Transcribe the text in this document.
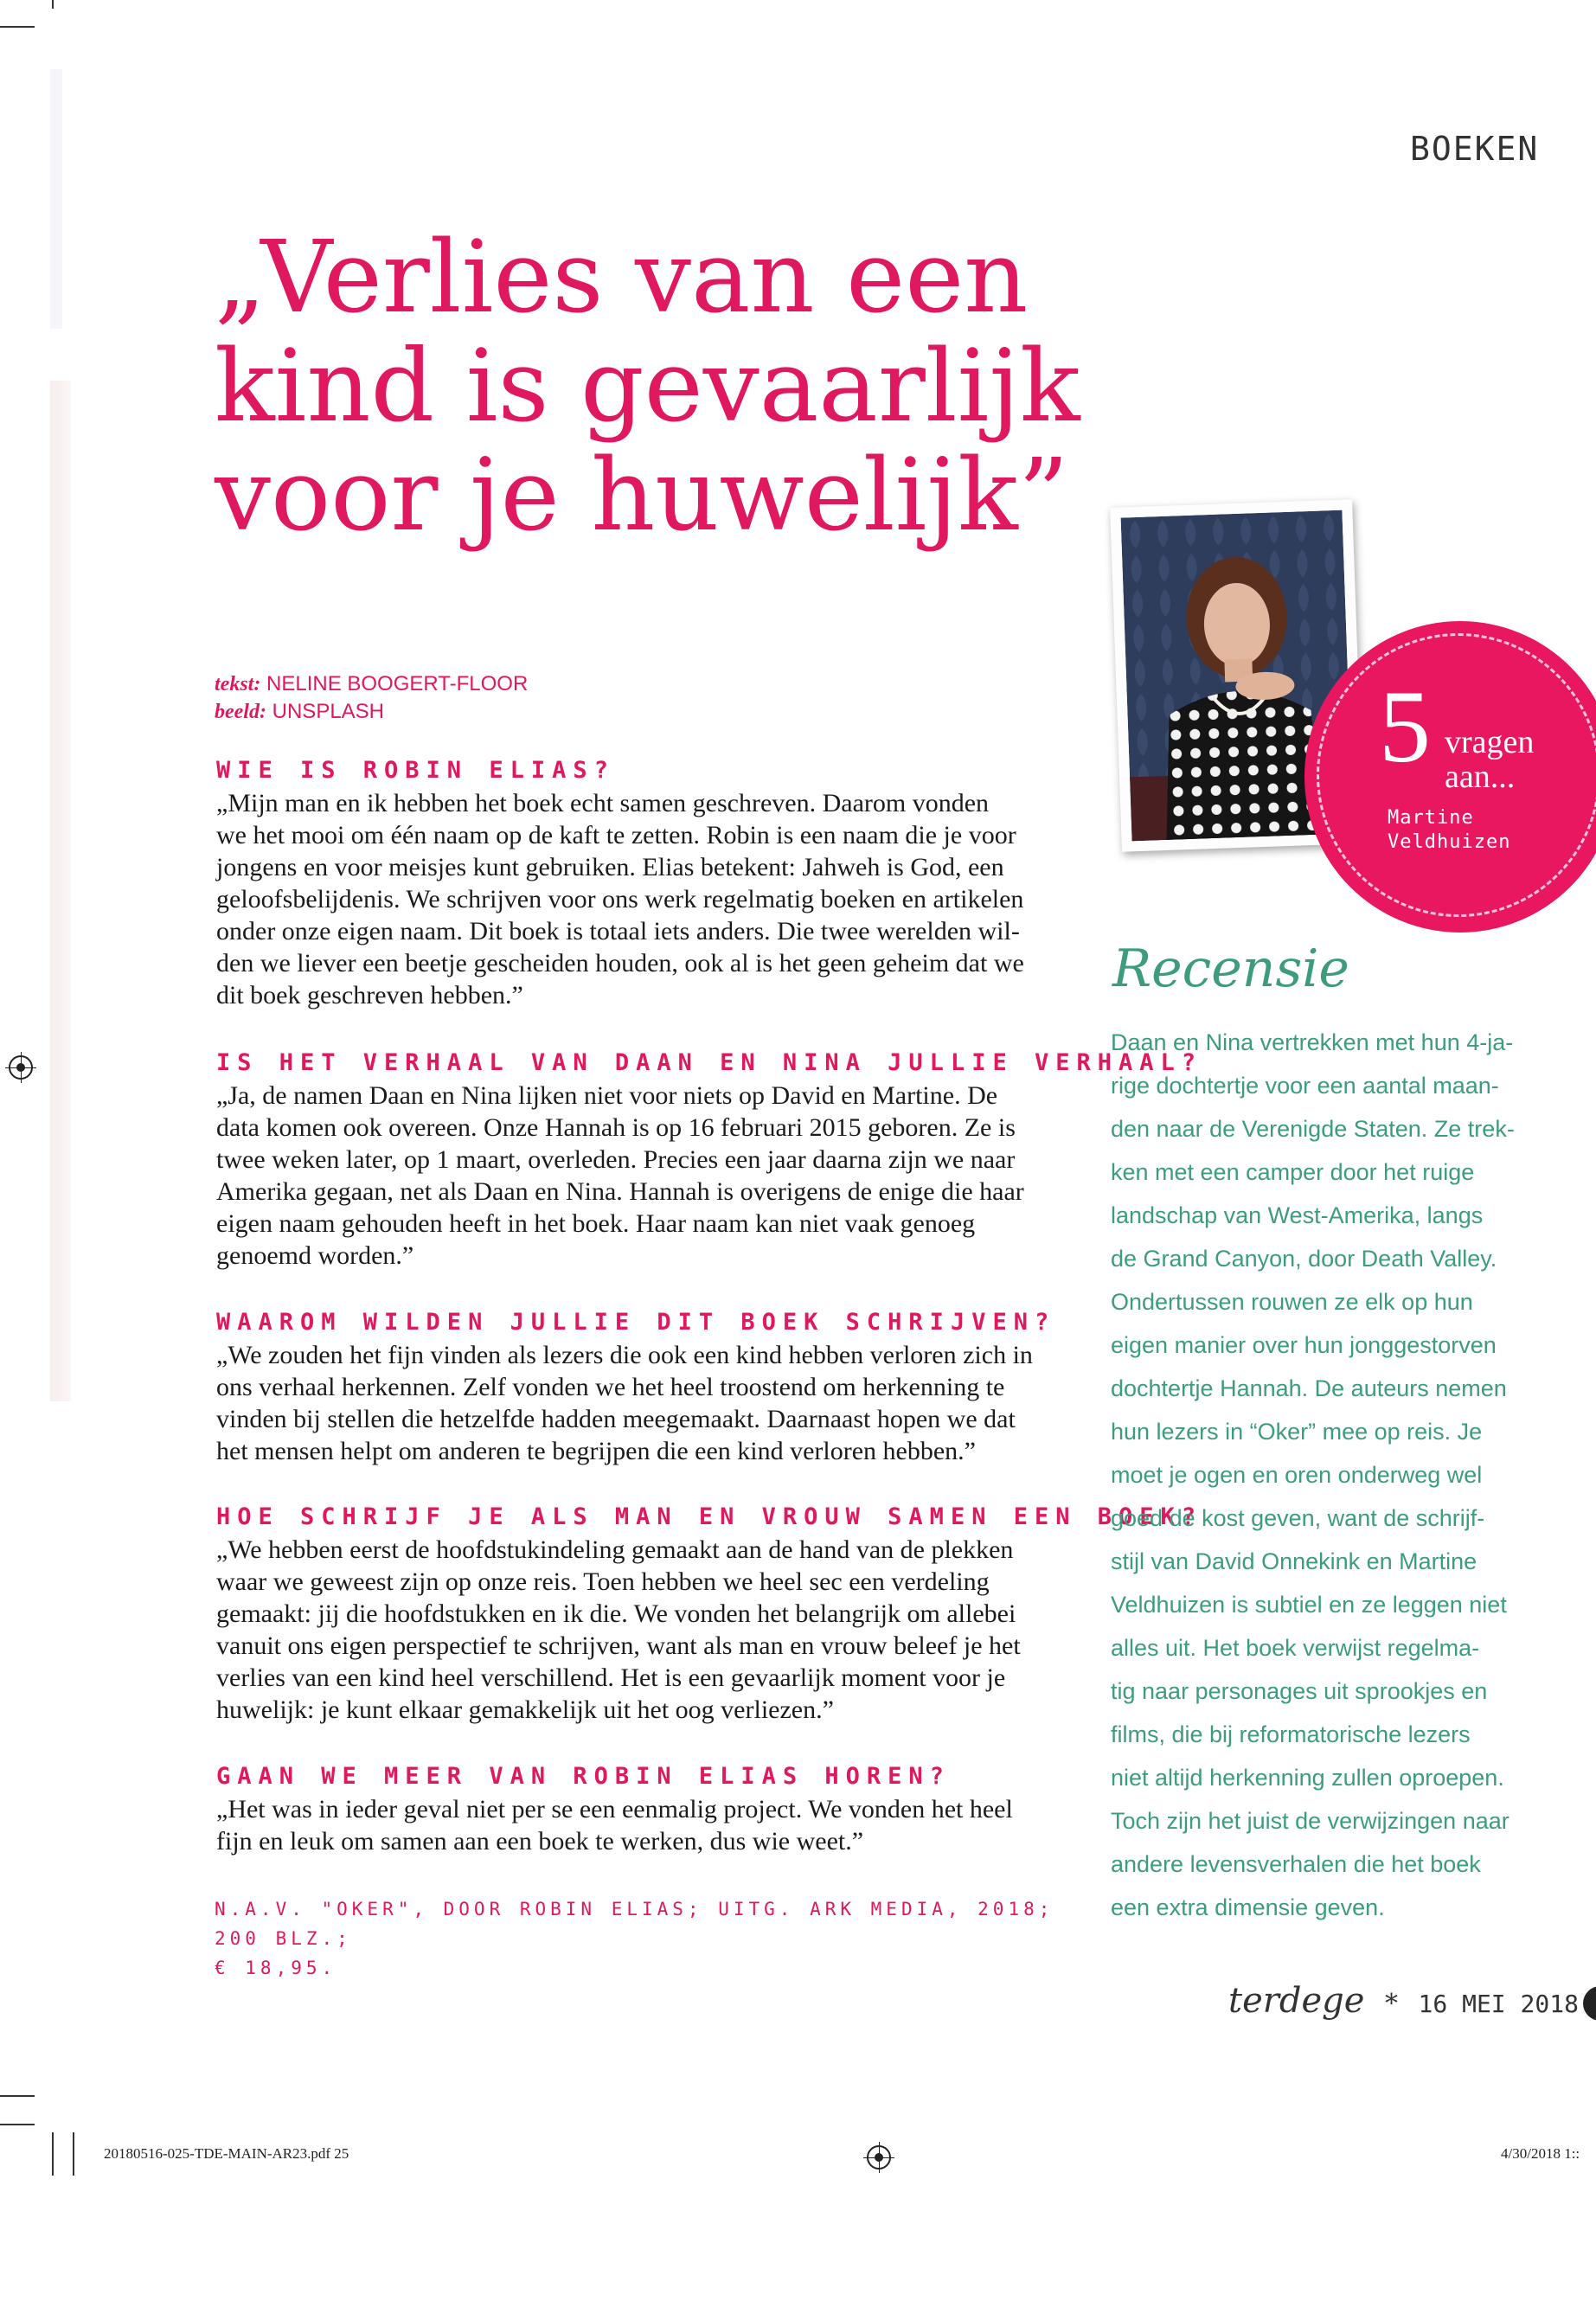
BOEKEN
„Verlies van een
kind is gevaarlijk
voor je huwelijk”
tekst: NELINE BOOGERT-FLOOR
beeld: UNSPLASH
WIE IS ROBIN ELIAS?
„Mijn man en ik hebben het boek echt samen geschreven. Daarom vonden
we het mooi om één naam op de kaft te zetten. Robin is een naam die je voor
jongens en voor meisjes kunt gebruiken. Elias betekent: Jahweh is God, een
geloofsbelijdenis. We schrijven voor ons werk regelmatig boeken en artikelen
onder onze eigen naam. Dit boek is totaal iets anders. Die twee werelden wil-
den we liever een beetje gescheiden houden, ook al is het geen geheim dat we
dit boek geschreven hebben.”
IS HET VERHAAL VAN DAAN EN NINA JULLIE VERHAAL?
„Ja, de namen Daan en Nina lijken niet voor niets op David en Martine. De
data komen ook overeen. Onze Hannah is op 16 februari 2015 geboren. Ze is
twee weken later, op 1 maart, overleden. Precies een jaar daarna zijn we naar
Amerika gegaan, net als Daan en Nina. Hannah is overigens de enige die haar
eigen naam gehouden heeft in het boek. Haar naam kan niet vaak genoeg
genoemd worden.”
WAAROM WILDEN JULLIE DIT BOEK SCHRIJVEN?
„We zouden het fijn vinden als lezers die ook een kind hebben verloren zich in
ons verhaal herkennen. Zelf vonden we het heel troostend om herkenning te
vinden bij stellen die hetzelfde hadden meegemaakt. Daarnaast hopen we dat
het mensen helpt om anderen te begrijpen die een kind verloren hebben.”
HOE SCHRIJF JE ALS MAN EN VROUW SAMEN EEN BOEK?
„We hebben eerst de hoofdstukindeling gemaakt aan de hand van de plekken
waar we geweest zijn op onze reis. Toen hebben we heel sec een verdeling
gemaakt: jij die hoofdstukken en ik die. We vonden het belangrijk om allebei
vanuit ons eigen perspectief te schrijven, want als man en vrouw beleef je het
verlies van een kind heel verschillend. Het is een gevaarlijk moment voor je
huwelijk: je kunt elkaar gemakkelijk uit het oog verliezen.”
GAAN WE MEER VAN ROBIN ELIAS HOREN?
„Het was in ieder geval niet per se een eenmalig project. We vonden het heel
fijn en leuk om samen aan een boek te werken, dus wie weet.”
N.A.V. "OKER", DOOR ROBIN ELIAS; UITG. ARK MEDIA, 2018; 200 BLZ.;
€ 18,95.
5 vragen
aan...
Martine
Veldhuizen
Recensie
Daan en Nina vertrekken met hun 4-ja-
rige dochtertje voor een aantal maan-
den naar de Verenigde Staten. Ze trek-
ken met een camper door het ruige
landschap van West-Amerika, langs
de Grand Canyon, door Death Valley.
Ondertussen rouwen ze elk op hun
eigen manier over hun jonggestorven
dochtertje Hannah. De auteurs nemen
hun lezers in “Oker” mee op reis. Je
moet je ogen en oren onderweg wel
goed de kost geven, want de schrijf-
stijl van David Onnekink en Martine
Veldhuizen is subtiel en ze leggen niet
alles uit. Het boek verwijst regelma-
tig naar personages uit sprookjes en
films, die bij reformatorische lezers
niet altijd herkenning zullen oproepen.
Toch zijn het juist de verwijzingen naar
andere levensverhalen die het boek
een extra dimensie geven.
terdege * 16 MEI 2018
20180516-025-TDE-MAIN-AR23.pdf 25	4/30/2018 1::
